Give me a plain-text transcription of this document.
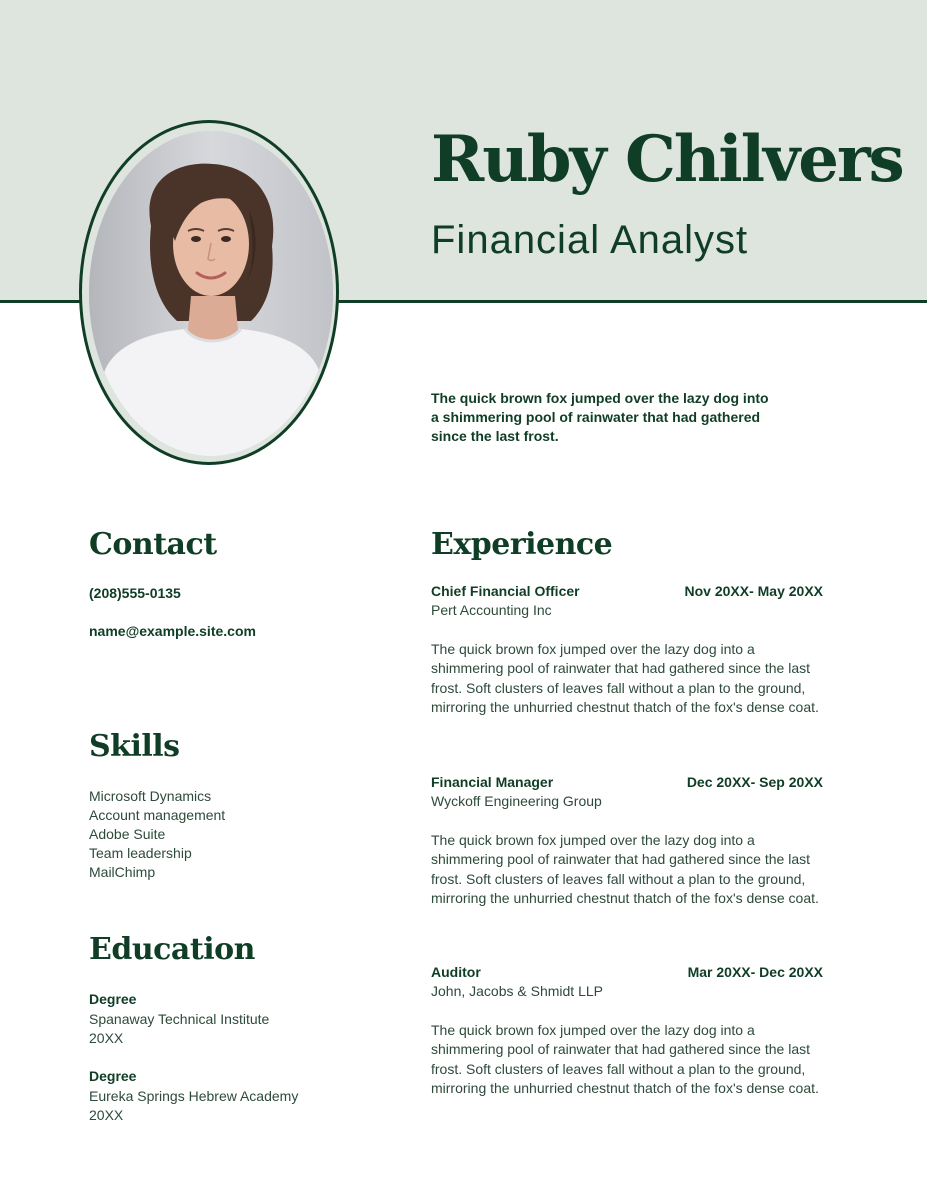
Ruby Chilvers
Financial Analyst
The quick brown fox jumped over the lazy dog into a shimmering pool of rainwater that had gathered since the last frost.
Contact
(208)555-0135
name@example.site.com
Skills
Microsoft Dynamics
Account management
Adobe Suite
Team leadership
MailChimp
Education
Degree
Spanaway Technical Institute
20XX
Degree
Eureka Springs Hebrew Academy
20XX
Experience
Chief Financial Officer	Nov 20XX- May 20XX
Pert Accounting Inc
The quick brown fox jumped over the lazy dog into a shimmering pool of rainwater that had gathered since the last frost. Soft clusters of leaves fall without a plan to the ground, mirroring the unhurried chestnut thatch of the fox's dense coat.
Financial Manager	Dec 20XX- Sep 20XX
Wyckoff Engineering Group
The quick brown fox jumped over the lazy dog into a shimmering pool of rainwater that had gathered since the last frost. Soft clusters of leaves fall without a plan to the ground, mirroring the unhurried chestnut thatch of the fox's dense coat.
Auditor	Mar 20XX- Dec 20XX
John, Jacobs & Shmidt LLP
The quick brown fox jumped over the lazy dog into a shimmering pool of rainwater that had gathered since the last frost. Soft clusters of leaves fall without a plan to the ground, mirroring the unhurried chestnut thatch of the fox's dense coat.
